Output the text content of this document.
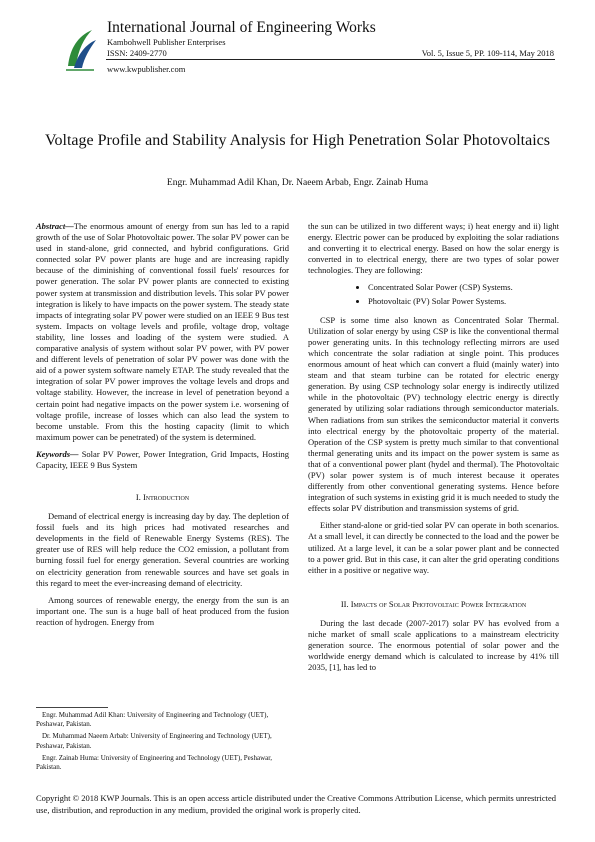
International Journal of Engineering Works
Kambohwell Publisher Enterprises
ISSN: 2409-2770	Vol. 5, Issue 5, PP. 109-114, May 2018
www.kwpublisher.com
Voltage Profile and Stability Analysis for High Penetration Solar Photovoltaics
Engr. Muhammad Adil Khan, Dr. Naeem Arbab, Engr. Zainab Huma

Abstract—The enormous amount of energy from sun has led to a rapid growth of the use of Solar Photovoltaic power. The solar PV power can be used in stand-alone, grid connected, and hybrid configurations. Grid connected solar PV power plants are huge and are increasing rapidly because of the diminishing of conventional fossil fuels' resources for power generation. The solar PV power plants are connected to existing power system at transmission and distribution levels. This solar PV power integration is likely to have impacts on the power system. The steady state impacts of integrating solar PV power were studied on an IEEE 9 Bus test system. Impacts on voltage levels and profile, voltage drop, voltage stability, line losses and loading of the system were studied. A comparative analysis of system without solar PV power, with PV power and different levels of penetration of solar PV power was done with the aid of a power system software namely ETAP. The study revealed that the integration of solar PV power improves the voltage levels and drops and voltage stability. However, the increase in level of penetration beyond a certain point had negative impacts on the power system i.e. worsening of voltage profile, increase of losses which can also lead the system to become unstable. From this the hosting capacity (limit to which maximum power can be penetrated) of the system is determined.

Keywords— Solar PV Power, Power Integration, Grid Impacts, Hosting Capacity, IEEE 9 Bus System

I. Introduction

Demand of electrical energy is increasing day by day. The depletion of fossil fuels and its high prices had motivated researches and developments in the field of Renewable Energy Systems (RES). The greater use of RES will help reduce the CO2 emission, a pollutant from burning fossil fuel for energy generation. Several countries are working on electricity generation from renewable sources and have set goals in this regard to meet the ever-increasing demand of electricity.

Among sources of renewable energy, the energy from the sun is an important one. The sun is a huge ball of heat produced from the fusion reaction of hydrogen. Energy from

the sun can be utilized in two different ways; i) heat energy and ii) light energy. Electric power can be produced by exploiting the solar radiations and converting it to electrical energy. Based on how the solar energy is converted in to electrical energy, there are two types of solar power technologies. They are following:

• Concentrated Solar Power (CSP) Systems.
• Photovoltaic (PV) Solar Power Systems.

CSP is some time also known as Concentrated Solar Thermal. Utilization of solar energy by using CSP is like the conventional thermal power generating units. In this technology reflecting mirrors are used which concentrate the solar radiation at single point. This produces enormous amount of heat which can convert a fluid (mainly water) into steam and that steam turbine can be rotated for electric energy generation. By using CSP technology solar energy is indirectly utilized while in the photovoltaic (PV) technology electric energy is directly generated by utilizing solar radiations through semiconductor materials. When radiations from sun strikes the semiconductor material it converts into electrical energy by the photovoltaic property of the material. Operation of the CSP system is pretty much similar to that conventional thermal generating units and its impact on the power system is same as that of a conventional power plant (hydel and thermal). The Photovoltaic (PV) solar power system is of much interest because it operates differently from other conventional generating systems. Hence before integration of such systems in existing grid it is much needed to study the effects solar PV distribution and transmission systems of grid.

Either stand-alone or grid-tied solar PV can operate in both scenarios. At a small level, it can directly be connected to the load and the power be utilized. At a large level, it can be a solar power plant and be connected to a power grid. But in this case, it can alter the grid operating conditions either in a positive or negative way.

II. Impacts of Solar Photovoltaic Power Integration

During the last decade (2007-2017) solar PV has evolved from a niche market of small scale applications to a mainstream electricity generation source. The enormous potential of solar power and the worldwide energy demand which is calculated to increase by 41% till 2035, [1], has led to

Engr. Muhammad Adil Khan: University of Engineering and Technology (UET), Peshawar, Pakistan.

Dr. Muhammad Naeem Arbab: University of Engineering and Technology (UET), Peshawar, Pakistan.

Engr. Zainab Huma: University of Engineering and Technology (UET), Peshawar, Pakistan.

Copyright © 2018 KWP Journals. This is an open access article distributed under the Creative Commons Attribution License, which permits unrestricted use, distribution, and reproduction in any medium, provided the original work is properly cited.
